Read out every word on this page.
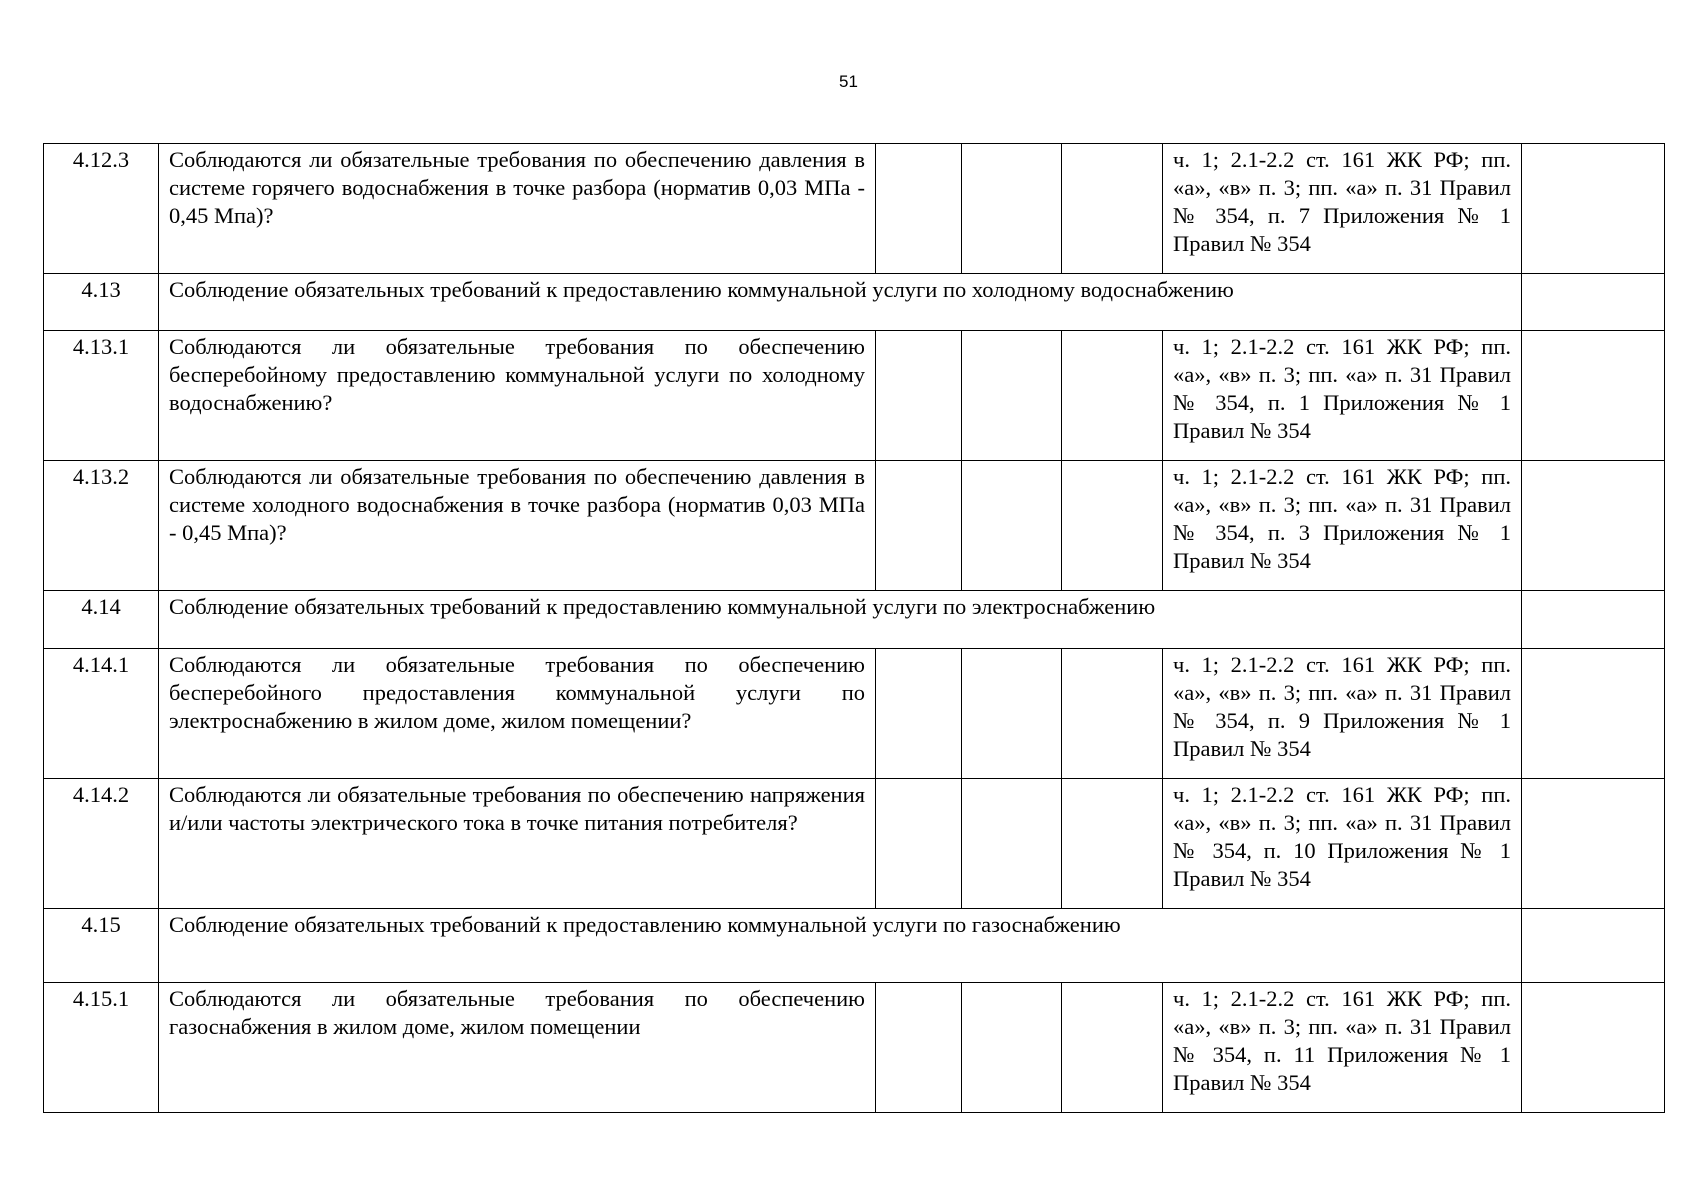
51
4.12.3	Соблюдаются ли обязательные требования по обеспечению давления в системе горячего водоснабжения в точке разбора (норматив 0,03 МПа - 0,45 Мпа)?				ч. 1; 2.1-2.2 ст. 161 ЖК РФ; пп. «а», «в» п. 3; пп. «а» п. 31 Правил № 354, п. 7 Приложения № 1 Правил № 354	
4.13	Соблюдение обязательных требований к предоставлению коммунальной услуги по холодному водоснабжению					
4.13.1	Соблюдаются ли обязательные требования по обеспечению бесперебойному предоставлению коммунальной услуги по холодному водоснабжению?				ч. 1; 2.1-2.2 ст. 161 ЖК РФ; пп. «а», «в» п. 3; пп. «а» п. 31 Правил № 354, п. 1 Приложения № 1 Правил № 354	
4.13.2	Соблюдаются ли обязательные требования по обеспечению давления в системе холодного водоснабжения в точке разбора (норматив 0,03 МПа - 0,45 Мпа)?				ч. 1; 2.1-2.2 ст. 161 ЖК РФ; пп. «а», «в» п. 3; пп. «а» п. 31 Правил № 354, п. 3 Приложения № 1 Правил № 354	
4.14	Соблюдение обязательных требований к предоставлению коммунальной услуги по электроснабжению					
4.14.1	Соблюдаются ли обязательные требования по обеспечению бесперебойного предоставления коммунальной услуги по электроснабжению в жилом доме, жилом помещении?				ч. 1; 2.1-2.2 ст. 161 ЖК РФ; пп. «а», «в» п. 3; пп. «а» п. 31 Правил № 354, п. 9 Приложения № 1 Правил № 354	
4.14.2	Соблюдаются ли обязательные требования по обеспечению напряжения и/или частоты электрического тока в точке питания потребителя?				ч. 1; 2.1-2.2 ст. 161 ЖК РФ; пп. «а», «в» п. 3; пп. «а» п. 31 Правил № 354, п. 10 Приложения № 1 Правил № 354	
4.15	Соблюдение обязательных требований к предоставлению коммунальной услуги по газоснабжению					
4.15.1	Соблюдаются ли обязательные требования по обеспечению газоснабжения в жилом доме, жилом помещении				ч. 1; 2.1-2.2 ст. 161 ЖК РФ; пп. «а», «в» п. 3; пп. «а» п. 31 Правил № 354, п. 11 Приложения № 1 Правил № 354	
